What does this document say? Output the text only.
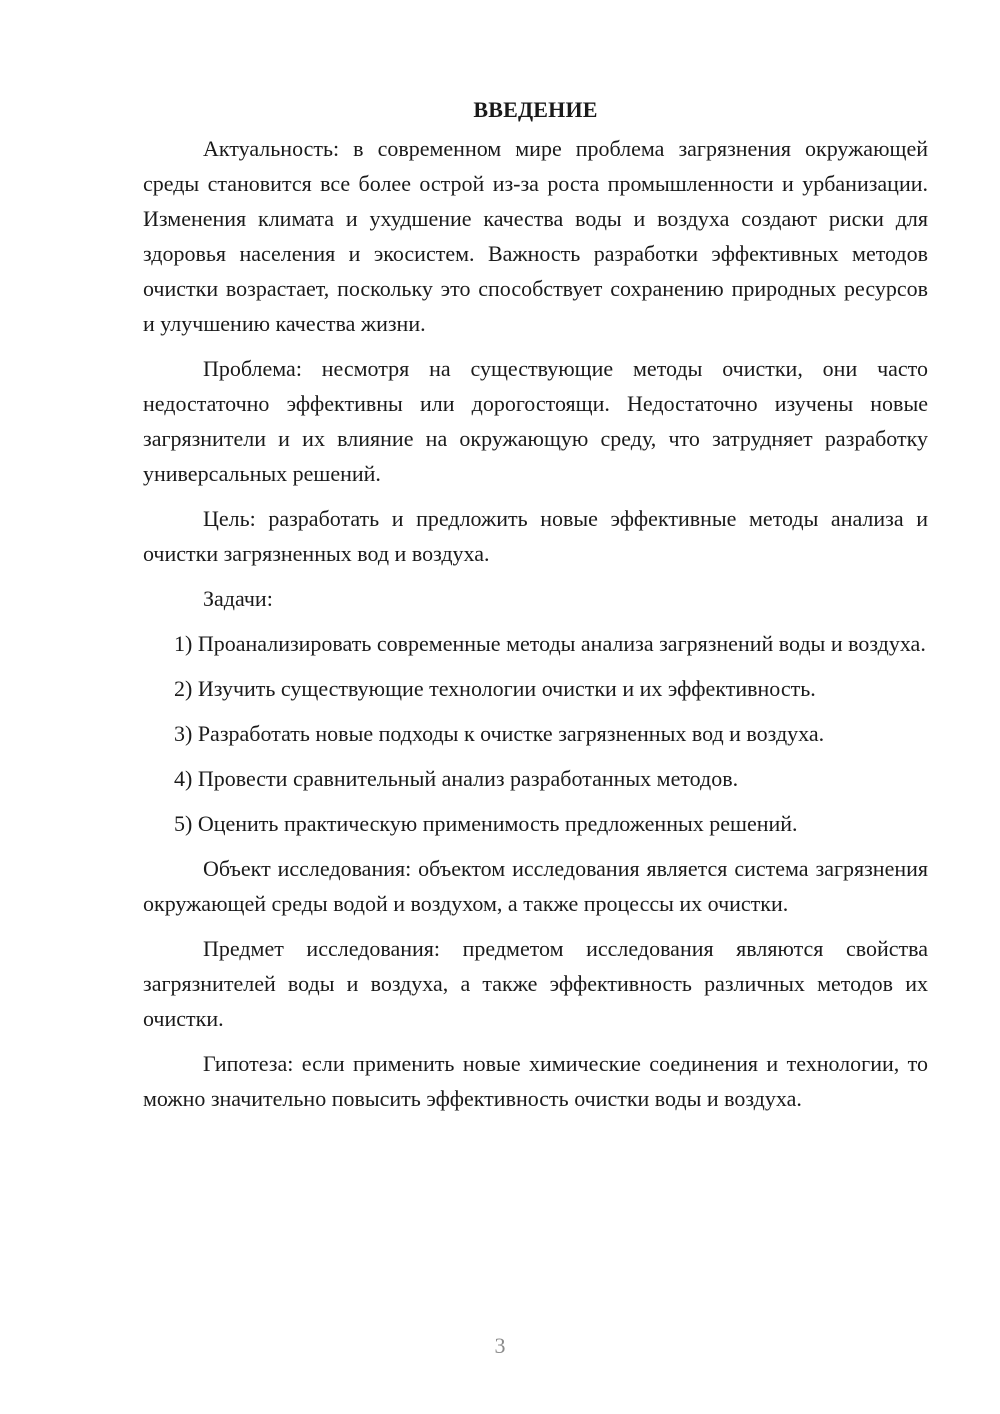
ВВЕДЕНИЕ

Актуальность: в современном мире проблема загрязнения окружающей среды становится все более острой из-за роста промышленности и урбанизации. Изменения климата и ухудшение качества воды и воздуха создают риски для здоровья населения и экосистем. Важность разработки эффективных методов очистки возрастает, поскольку это способствует сохранению природных ресурсов и улучшению качества жизни.

Проблема: несмотря на существующие методы очистки, они часто недостаточно эффективны или дорогостоящи. Недостаточно изучены новые загрязнители и их влияние на окружающую среду, что затрудняет разработку универсальных решений.

Цель: разработать и предложить новые эффективные методы анализа и очистки загрязненных вод и воздуха.

Задачи:

1) Проанализировать современные методы анализа загрязнений воды и воздуха.

2) Изучить существующие технологии очистки и их эффективность.

3) Разработать новые подходы к очистке загрязненных вод и воздуха.

4) Провести сравнительный анализ разработанных методов.

5) Оценить практическую применимость предложенных решений.

Объект исследования: объектом исследования является система загрязнения окружающей среды водой и воздухом, а также процессы их очистки.

Предмет исследования: предметом исследования являются свойства загрязнителей воды и воздуха, а также эффективность различных методов их очистки.

Гипотеза: если применить новые химические соединения и технологии, то можно значительно повысить эффективность очистки воды и воздуха.

3
